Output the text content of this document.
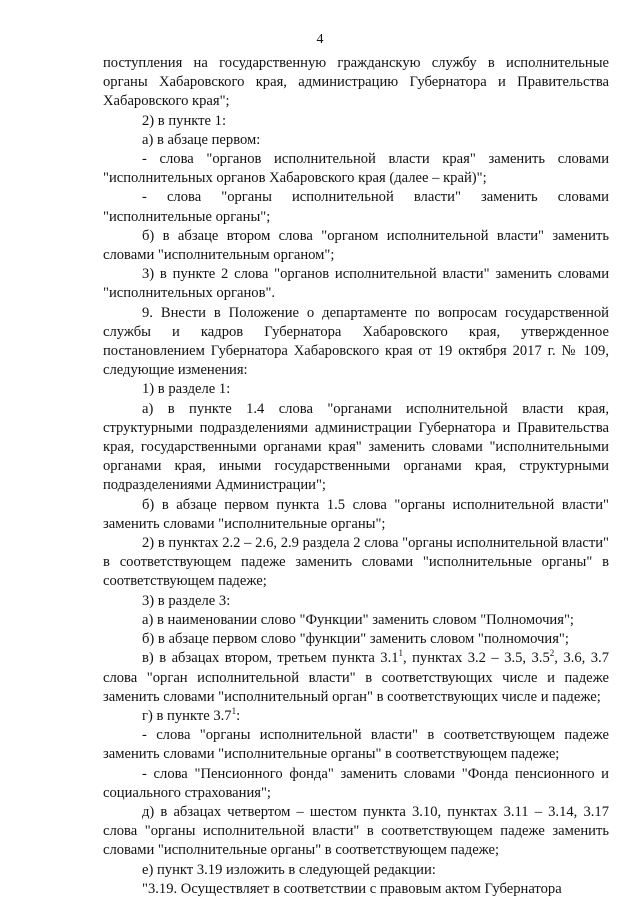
4

поступления на государственную гражданскую службу в исполнительные органы Хабаровского края, администрацию Губернатора и Правительства Хабаровского края";

2) в пункте 1:

а) в абзаце первом:

- слова "органов исполнительной власти края" заменить словами "исполнительных органов Хабаровского края (далее – край)";

- слова "органы исполнительной власти" заменить словами "исполнительные органы";

б) в абзаце втором слова "органом исполнительной власти" заменить словами "исполнительным органом";

3) в пункте 2 слова "органов исполнительной власти" заменить словами "исполнительных органов".

9. Внести в Положение о департаменте по вопросам государственной службы и кадров Губернатора Хабаровского края, утвержденное постановлением Губернатора Хабаровского края от 19 октября 2017 г. № 109, следующие изменения:

1) в разделе 1:

а) в пункте 1.4 слова "органами исполнительной власти края, структурными подразделениями администрации Губернатора и Правительства края, государственными органами края" заменить словами "исполнительными органами края, иными государственными органами края, структурными подразделениями Администрации";

б) в абзаце первом пункта 1.5 слова "органы исполнительной власти" заменить словами "исполнительные органы";

2) в пунктах 2.2 – 2.6, 2.9 раздела 2 слова "органы исполнительной власти" в соответствующем падеже заменить словами "исполнительные органы" в соответствующем падеже;

3) в разделе 3:

а) в наименовании слово "Функции" заменить словом "Полномочия";

б) в абзаце первом слово "функции" заменить словом "полномочия";

в) в абзацах втором, третьем пункта $3.1^1$, пунктах 3.2 – 3.5, $3.5^2$, 3.6, 3.7 слова "орган исполнительной власти" в соответствующих числе и падеже заменить словами "исполнительный орган" в соответствующих числе и падеже;

г) в пункте $3.7^1$:

- слова "органы исполнительной власти" в соответствующем падеже заменить словами "исполнительные органы" в соответствующем падеже;

- слова "Пенсионного фонда" заменить словами "Фонда пенсионного и социального страхования";

д) в абзацах четвертом – шестом пункта 3.10, пунктах 3.11 – 3.14, 3.17 слова "органы исполнительной власти" в соответствующем падеже заменить словами "исполнительные органы" в соответствующем падеже;

е) пункт 3.19 изложить в следующей редакции:

"3.19. Осуществляет в соответствии с правовым актом Губернатора
